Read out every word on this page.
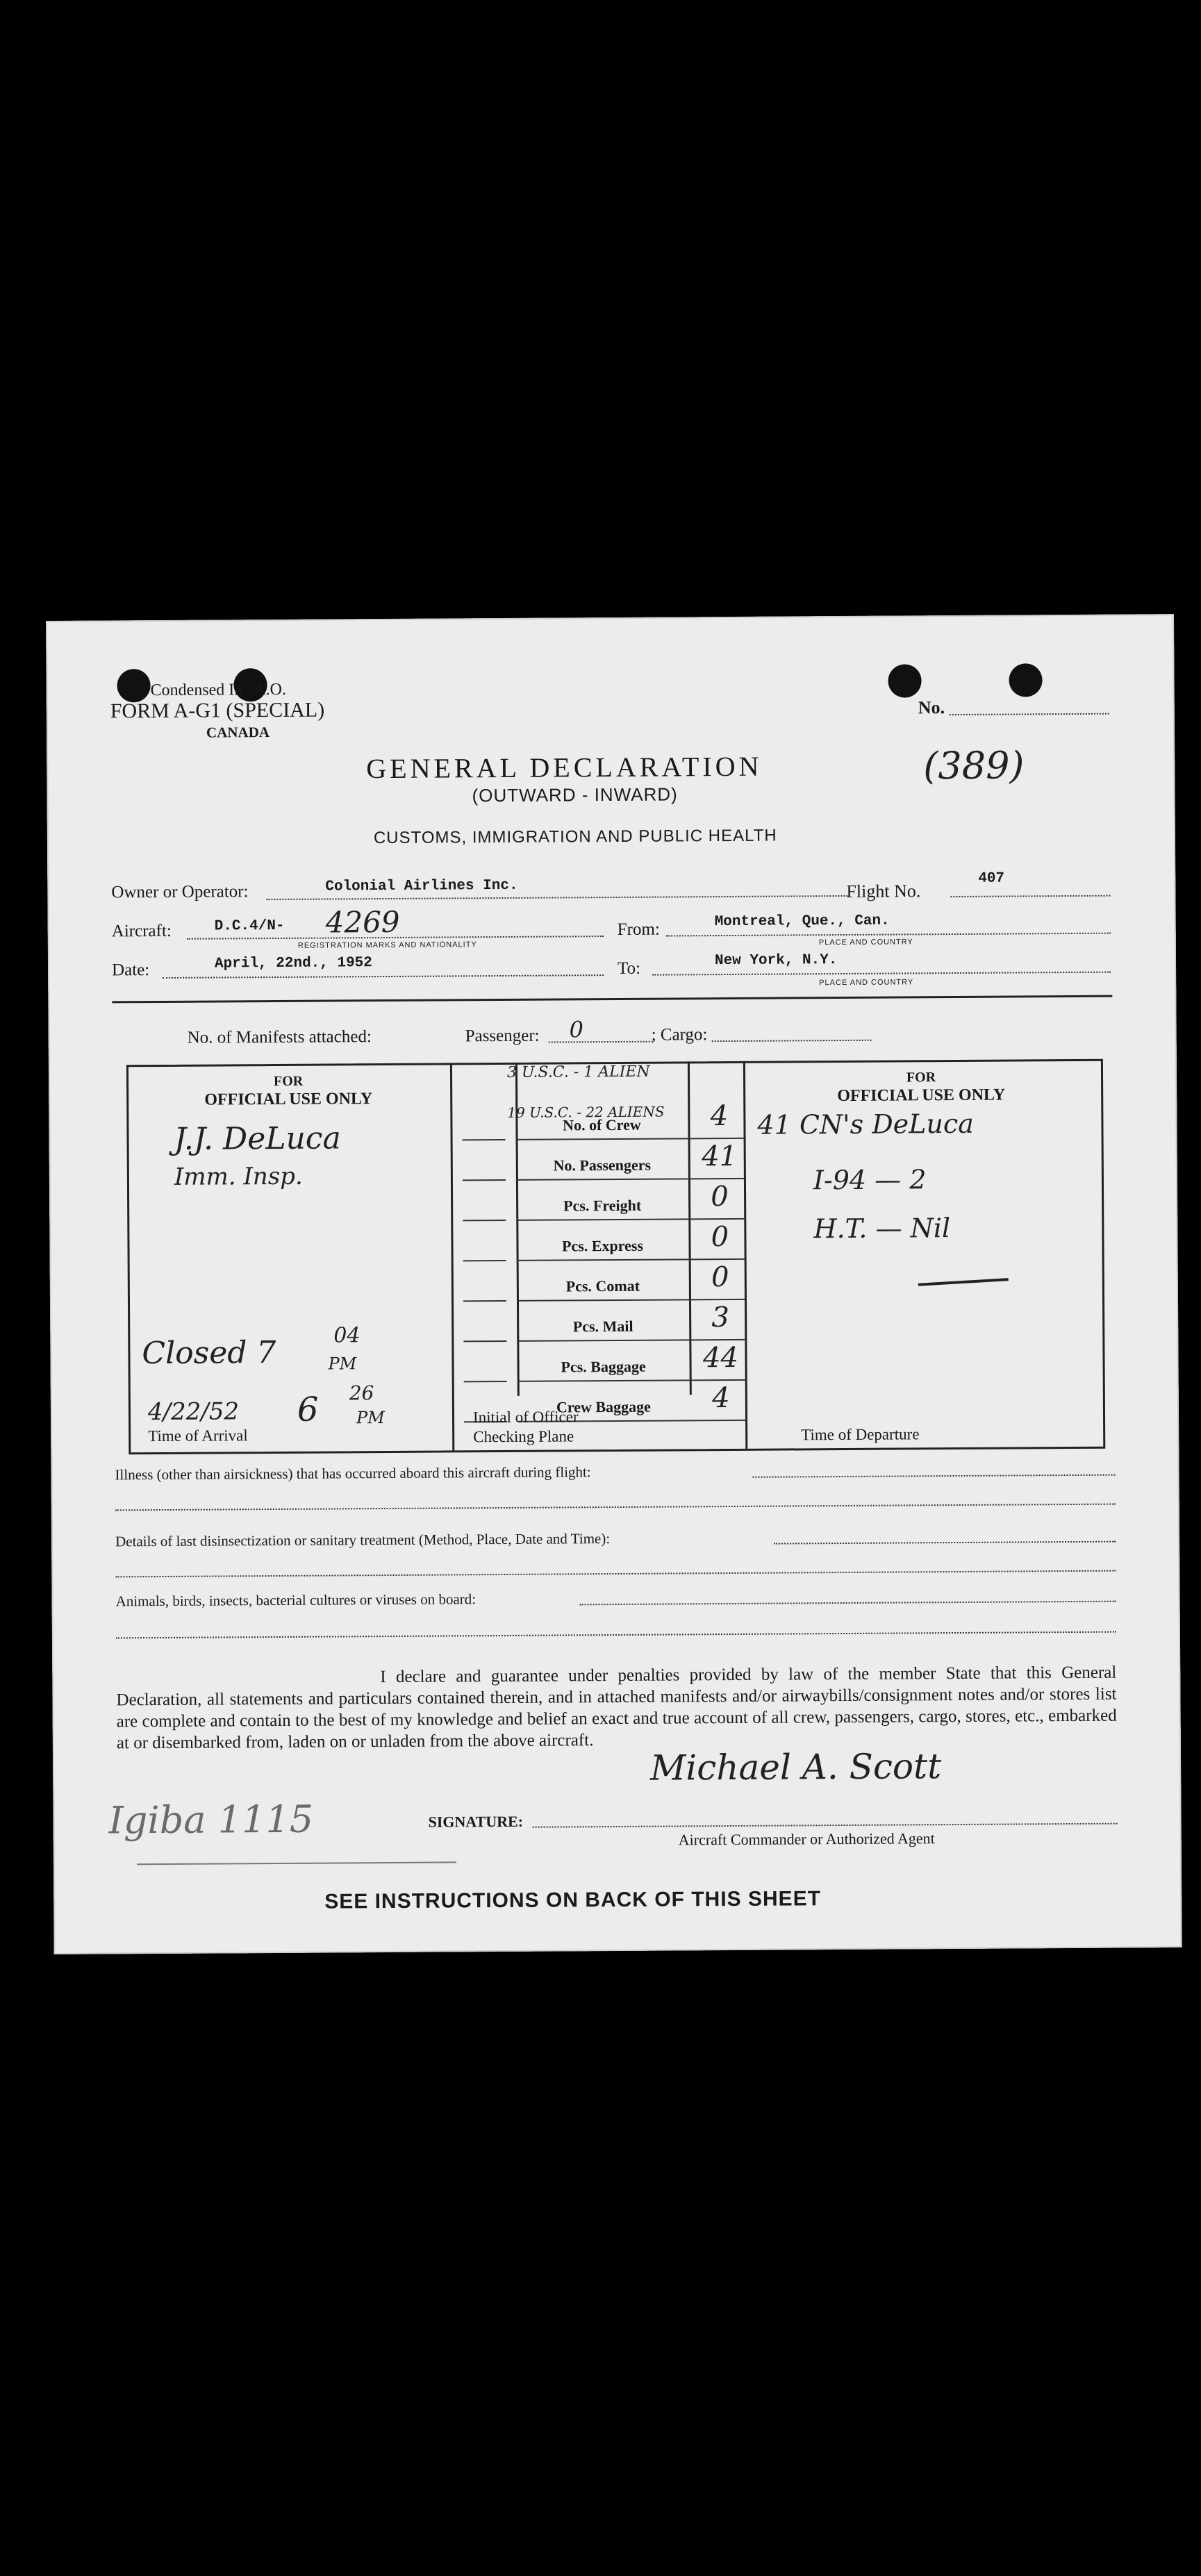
Condensed I.C.A.O.
FORM A-G1 (SPECIAL)
CANADA
No.
GENERAL DECLARATION
(OUTWARD - INWARD)
(389)
CUSTOMS, IMMIGRATION AND PUBLIC HEALTH
Owner or Operator:	Colonial Airlines Inc.	Flight No.
407
Aircraft:	D.C.4/N- 4269
REGISTRATION MARKS AND NATIONALITY
From:	Montreal, Que., Can.
PLACE AND COUNTRY
Date:	April, 22nd., 1952	To:	New York, N.Y.
PLACE AND COUNTRY
No. of Manifests attached:	Passenger: 0	; Cargo:
FOR
OFFICIAL USE ONLY
FOR
OFFICIAL USE ONLY
3 U.S.C. - 1 ALIEN
19 U.S.C. - 22 ALIENS
No. of Crew	4
No. Passengers	41
Pcs. Freight	0
Pcs. Express	0
Pcs. Comat	0
Pcs. Mail	3
Pcs. Baggage	44
Crew Baggage	4
J.J. DeLuca
Imm. Insp.
Closed 7	04
PM
4/22/52 6 26
PM
Time of Arrival
Initial of Officer
Checking Plane	Time of Departure
41 CN's DeLuca
I-94 — 2
H.T. — Nil
Illness (other than airsickness) that has occurred aboard this aircraft during flight:
Details of last disinsectization or sanitary treatment (Method, Place, Date and Time):
Animals, birds, insects, bacterial cultures or viruses on board:
I declare and guarantee under penalties provided by law of the member State that this General Declaration, all statements and particulars contained therein, and in attached manifests and/or airwaybills/consignment notes and/or stores list are complete and contain to the best of my knowledge and belief an exact and true account of all crew, passengers, cargo, stores, etc., embarked at or disembarked from, laden on or unladen from the above aircraft.
Michael A. Scott
SIGNATURE:
Aircraft Commander or Authorized Agent
Igiba 1115
SEE INSTRUCTIONS ON BACK OF THIS SHEET
